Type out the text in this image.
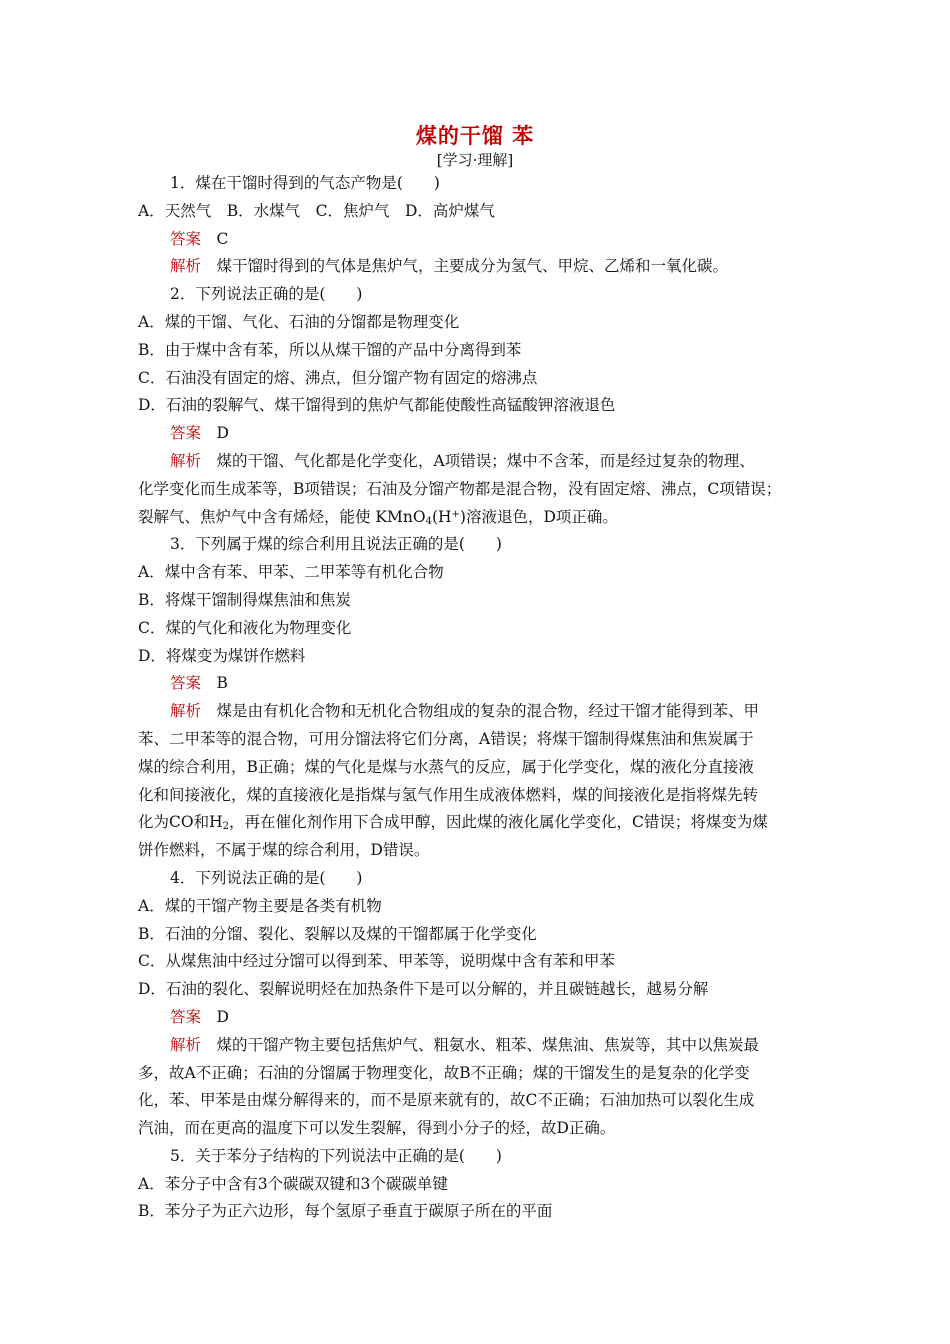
煤的干馏 苯
[学习·理解]
1．煤在干馏时得到的气态产物是(　　)
A．天然气　B．水煤气　C．焦炉气　D．高炉煤气
答案　 C
解析　 煤干馏时得到的气体是焦炉气，主要成分为氢气、甲烷、乙烯和一氧化碳。
2．下列说法正确的是(　　)
A．煤的干馏、气化、石油的分馏都是物理变化
B．由于煤中含有苯，所以从煤干馏的产品中分离得到苯
C．石油没有固定的熔、沸点，但分馏产物有固定的熔沸点
D．石油的裂解气、煤干馏得到的焦炉气都能使酸性高锰酸钾溶液退色
答案　 D
解析　 煤的干馏、气化都是化学变化，A项错误；煤中不含苯，而是经过复杂的物理、
化学变化而生成苯等，B项错误；石油及分馏产物都是混合物，没有固定熔、沸点，C项错误；
裂解气、焦炉气中含有烯烃，能使 KMnO$_4$(H+)溶液退色，D项正确。
3．下列属于煤的综合利用且说法正确的是(　　)
A．煤中含有苯、甲苯、二甲苯等有机化合物
B．将煤干馏制得煤焦油和焦炭
C．煤的气化和液化为物理变化
D．将煤变为煤饼作燃料
答案　 B
解析　 煤是由有机化合物和无机化合物组成的复杂的混合物，经过干馏才能得到苯、甲
苯、二甲苯等的混合物，可用分馏法将它们分离，A错误；将煤干馏制得煤焦油和焦炭属于
煤的综合利用，B正确；煤的气化是煤与水蒸气的反应，属于化学变化，煤的液化分直接液
化和间接液化，煤的直接液化是指煤与氢气作用生成液体燃料，煤的间接液化是指将煤先转
化为CO和$H_2$，再在催化剂作用下合成甲醇，因此煤的液化属化学变化，C错误；将煤变为煤
饼作燃料，不属于煤的综合利用，D错误。
4．下列说法正确的是(　　)
A．煤的干馏产物主要是各类有机物
B．石油的分馏、裂化、裂解以及煤的干馏都属于化学变化
C．从煤焦油中经过分馏可以得到苯、甲苯等，说明煤中含有苯和甲苯
D．石油的裂化、裂解说明烃在加热条件下是可以分解的，并且碳链越长，越易分解
答案　 D
解析　 煤的干馏产物主要包括焦炉气、粗氨水、粗苯、煤焦油、焦炭等，其中以焦炭最
多，故A不正确；石油的分馏属于物理变化，故B不正确；煤的干馏发生的是复杂的化学变
化，苯、甲苯是由煤分解得来的，而不是原来就有的，故C不正确；石油加热可以裂化生成
汽油，而在更高的温度下可以发生裂解，得到小分子的烃，故D正确。
5．关于苯分子结构的下列说法中正确的是(　　)
A．苯分子中含有3个碳碳双键和3个碳碳单键
B．苯分子为正六边形，每个氢原子垂直于碳原子所在的平面
